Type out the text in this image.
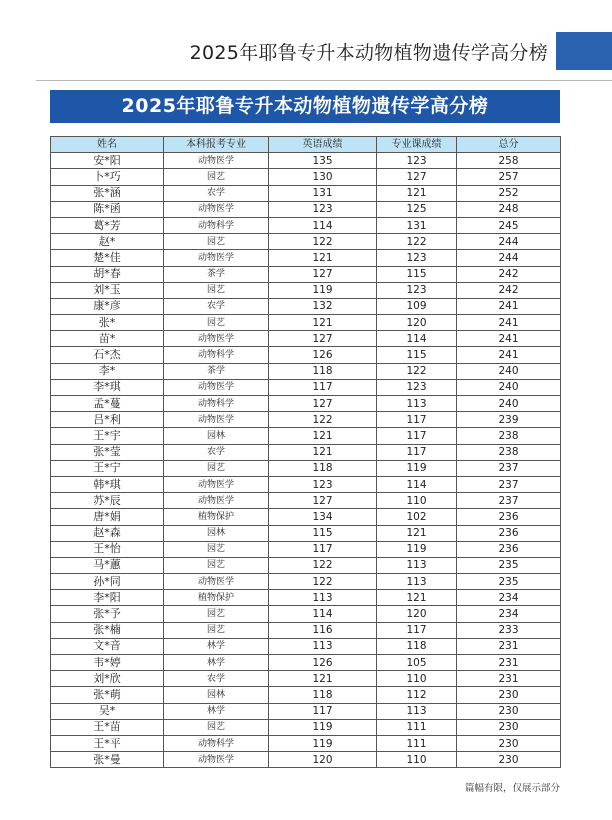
2025年耶鲁专升本动物植物遗传学高分榜
2025年耶鲁专升本动物植物遗传学高分榜
姓名	本科报考专业	英语成绩	专业课成绩	总分
安*阳	动物医学	135	123	258
卜*巧	园艺	130	127	257
张*涵	农学	131	121	252
陈*函	动物医学	123	125	248
葛*芳	动物科学	114	131	245
赵*	园艺	122	122	244
楚*佳	动物医学	121	123	244
胡*春	茶学	127	115	242
刘*玉	园艺	119	123	242
康*彦	农学	132	109	241
张*	园艺	121	120	241
苗*	动物医学	127	114	241
石*杰	动物科学	126	115	241
李*	茶学	118	122	240
李*琪	动物医学	117	123	240
孟*蔓	动物科学	127	113	240
吕*利	动物医学	122	117	239
王*宇	园林	121	117	238
张*莹	农学	121	117	238
王*宁	园艺	118	119	237
韩*琪	动物医学	123	114	237
苏*辰	动物医学	127	110	237
唐*娟	植物保护	134	102	236
赵*森	园林	115	121	236
王*怡	园艺	117	119	236
马*蕙	园艺	122	113	235
孙*同	动物医学	122	113	235
李*阳	植物保护	113	121	234
张*予	园艺	114	120	234
张*楠	园艺	116	117	233
文*音	林学	113	118	231
韦*婷	林学	126	105	231
刘*欣	农学	121	110	231
张*萌	园林	118	112	230
吴*	林学	117	113	230
王*苗	园艺	119	111	230
王*平	动物科学	119	111	230
张*曼	动物医学	120	110	230
篇幅有限，仅展示部分
